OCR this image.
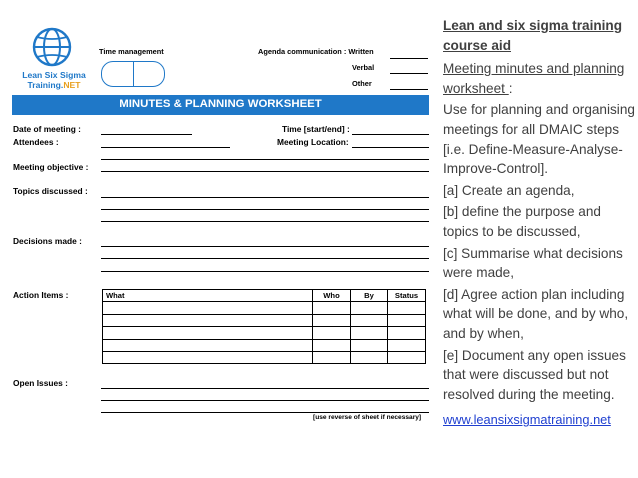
Lean Six Sigma
Training.NET
Time management	Agenda communication : Written
Verbal
Other
MINUTES & PLANNING WORKSHEET
Date of meeting :	Time [start/end] :
Attendees :	Meeting Location:
Meeting objective :
Topics discussed :
Decisions made :
Action Items :	What	Who	By	Status

Open Issues :
[use reverse of sheet if necessary]

Lean and six sigma training course aid

Meeting minutes and planning worksheet :

Use for planning and organising meetings for all DMAIC steps [i.e. Define-Measure-Analyse-Improve-Control].

[a] Create an agenda,

[b] define the purpose and topics to be discussed,

[c] Summarise what decisions were made,

[d] Agree action plan including what will be done, and by who, and by when,

[e] Document any open issues that were discussed but not resolved during the meeting.

www.leansixsigmatraining.net
